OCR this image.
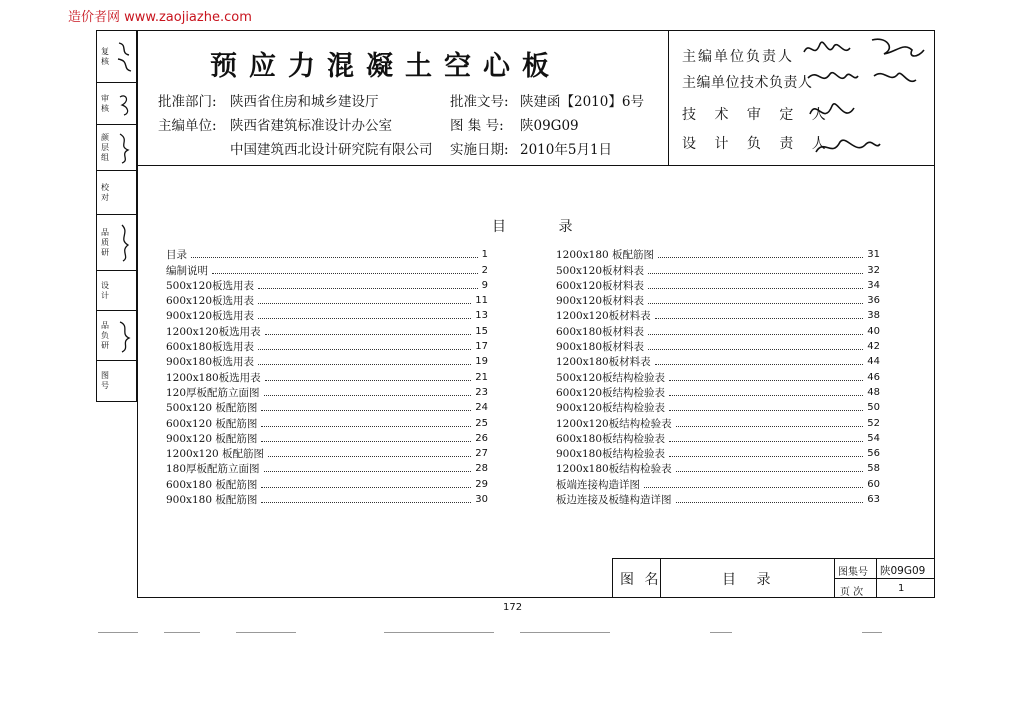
造价者网 www.zaojiazhe.com
复 核
审 核
颜 层 组
校 对
品 质 研
设 计
品 负 研
图 号
预应力混凝土空心板
批准部门: 陕西省住房和城乡建设厅	批准文号: 陕建函【2010】6号
主编单位: 陕西省建筑标准设计办公室	图 集 号: 陕09G09
中国建筑西北设计研究院有限公司 实施日期: 2010年5月1日
主编单位负责人
主编单位技术负责人
技 术 审 定 人
设 计 负 责 人
目 录
目录	1
编制说明	2
500x120板选用表	9
600x120板选用表	11
900x120板选用表	13
1200x120板选用表	15
600x180板选用表	17
900x180板选用表	19
1200x180板选用表	21
120厚板配筋立面图	23
500x120 板配筋图	24
600x120 板配筋图	25
900x120 板配筋图	26
1200x120 板配筋图	27
180厚板配筋立面图	28
600x180 板配筋图	29
900x180 板配筋图	30
1200x180 板配筋图	31
500x120板材料表	32
600x120板材料表	34
900x120板材料表	36
1200x120板材料表	38
600x180板材料表	40
900x180板材料表	42
1200x180板材料表	44
500x120板结构检验表	46
600x120板结构检验表	48
900x120板结构检验表	50
1200x120板结构检验表	52
600x180板结构检验表	54
900x180板结构检验表	56
1200x180板结构检验表	58
板端连接构造详图	60
板边连接及板缝构造详图	63
图 名	目 录	图集号 陕09G09
页 次	1
172
